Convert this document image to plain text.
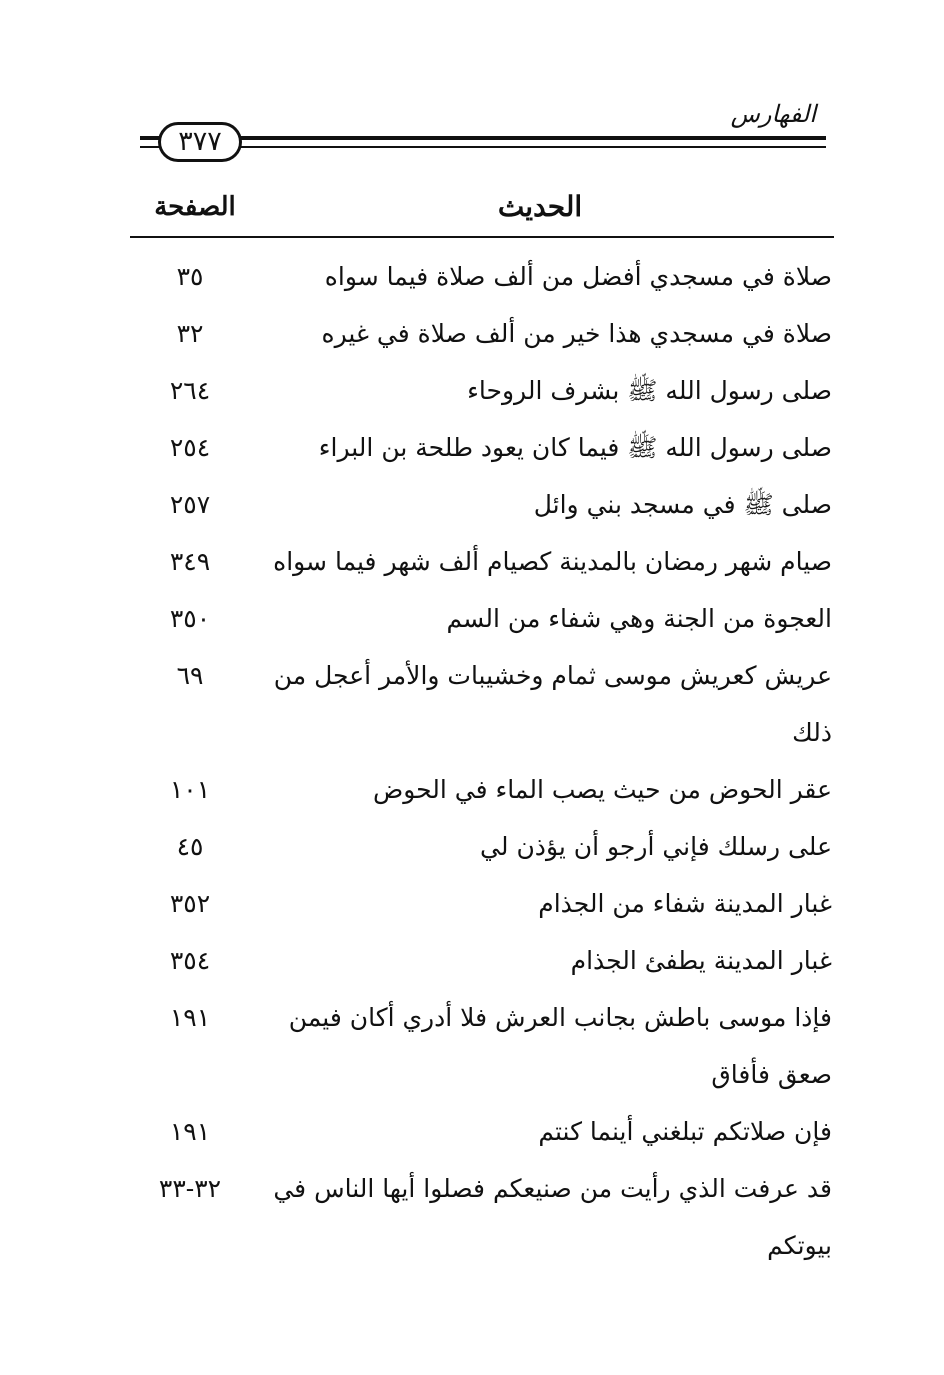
الفهارس
٣٧٧
الصفحة	الحديث
صلاة في مسجدي أفضل من ألف صلاة فيما سواه
٣٥
صلاة في مسجدي هذا خير من ألف صلاة في غيره
٣٢
صلى رسول الله ﷺ بشرف الروحاء
٢٦٤
صلى رسول الله ﷺ فيما كان يعود طلحة بن البراء
٢٥٤
صلى ﷺ في مسجد بني وائل
٢٥٧
صيام شهر رمضان بالمدينة كصيام ألف شهر فيما سواه
٣٤٩
العجوة من الجنة وهي شفاء من السم
٣٥٠
عريش كعريش موسى ثمام وخشيبات والأمر أعجل من ذلك
٦٩
عقر الحوض من حيث يصب الماء في الحوض
١٠١
على رسلك فإني أرجو أن يؤذن لي
٤٥
غبار المدينة شفاء من الجذام
٣٥٢
غبار المدينة يطفئ الجذام
٣٥٤
فإذا موسى باطش بجانب العرش فلا أدري أكان فيمن صعق فأفاق
١٩١
فإن صلاتكم تبلغني أينما كنتم
١٩١
قد عرفت الذي رأيت من صنيعكم فصلوا أيها الناس في بيوتكم
٣٢-٣٣
